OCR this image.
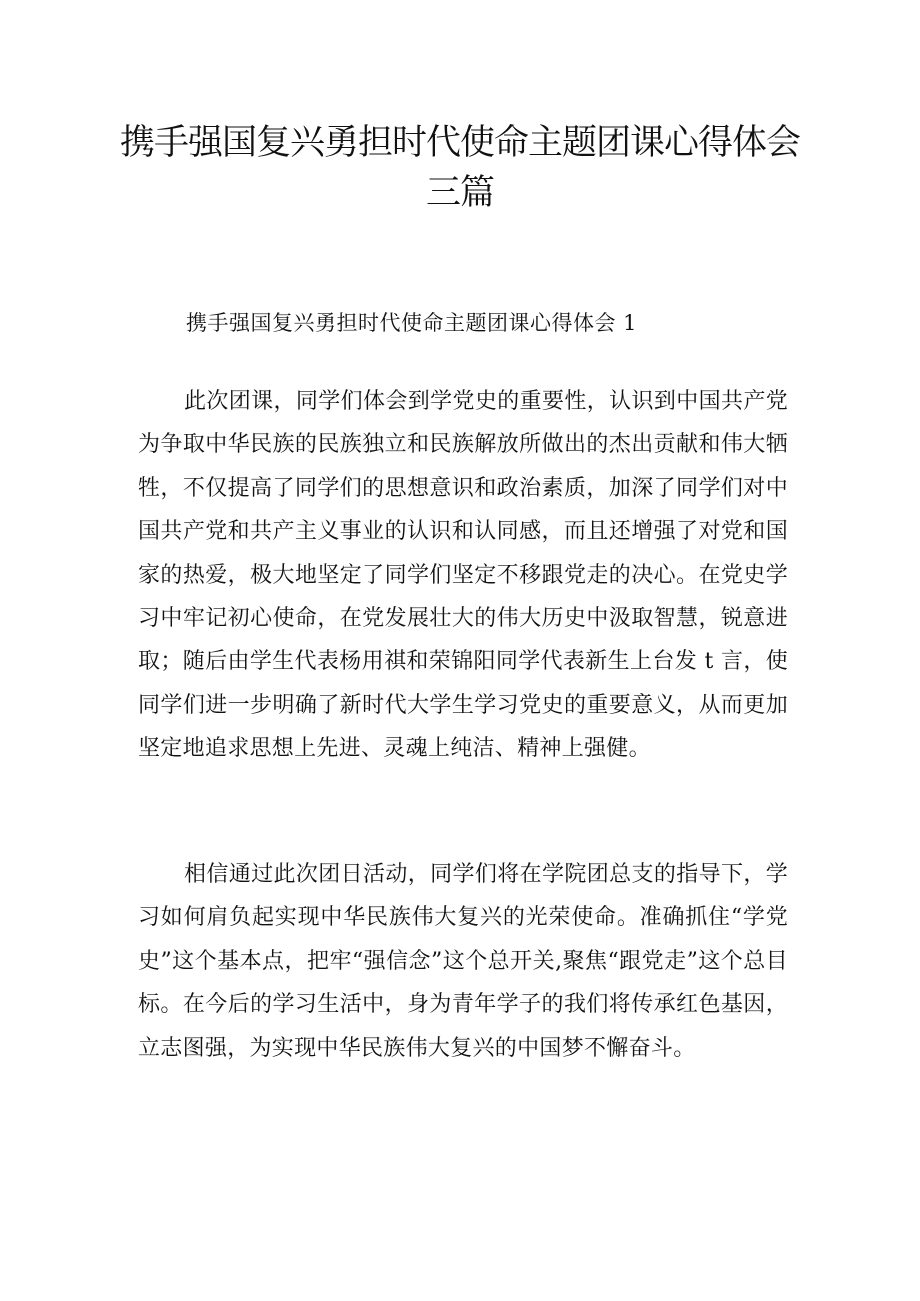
携手强国复兴勇担时代使命主题团课心得体会三篇

携手强国复兴勇担时代使命主题团课心得体会 1

此次团课，同学们体会到学党史的重要性，认识到中国共产党为争取中华民族的民族独立和民族解放所做出的杰出贡献和伟大牺牲，不仅提高了同学们的思想意识和政治素质，加深了同学们对中国共产党和共产主义事业的认识和认同感，而且还增强了对党和国家的热爱，极大地坚定了同学们坚定不移跟党走的决心。在党史学习中牢记初心使命，在党发展壮大的伟大历史中汲取智慧，锐意进取；随后由学生代表杨用祺和荣锦阳同学代表新生上台发 t 言，使同学们进一步明确了新时代大学生学习党史的重要意义，从而更加坚定地追求思想上先进、灵魂上纯洁、精神上强健。

相信通过此次团日活动，同学们将在学院团总支的指导下，学习如何肩负起实现中华民族伟大复兴的光荣使命。准确抓住“学党史”这个基本点，把牢“强信念”这个总开关,聚焦“跟党走”这个总目标。在今后的学习生活中，身为青年学子的我们将传承红色基因，立志图强，为实现中华民族伟大复兴的中国梦不懈奋斗。
